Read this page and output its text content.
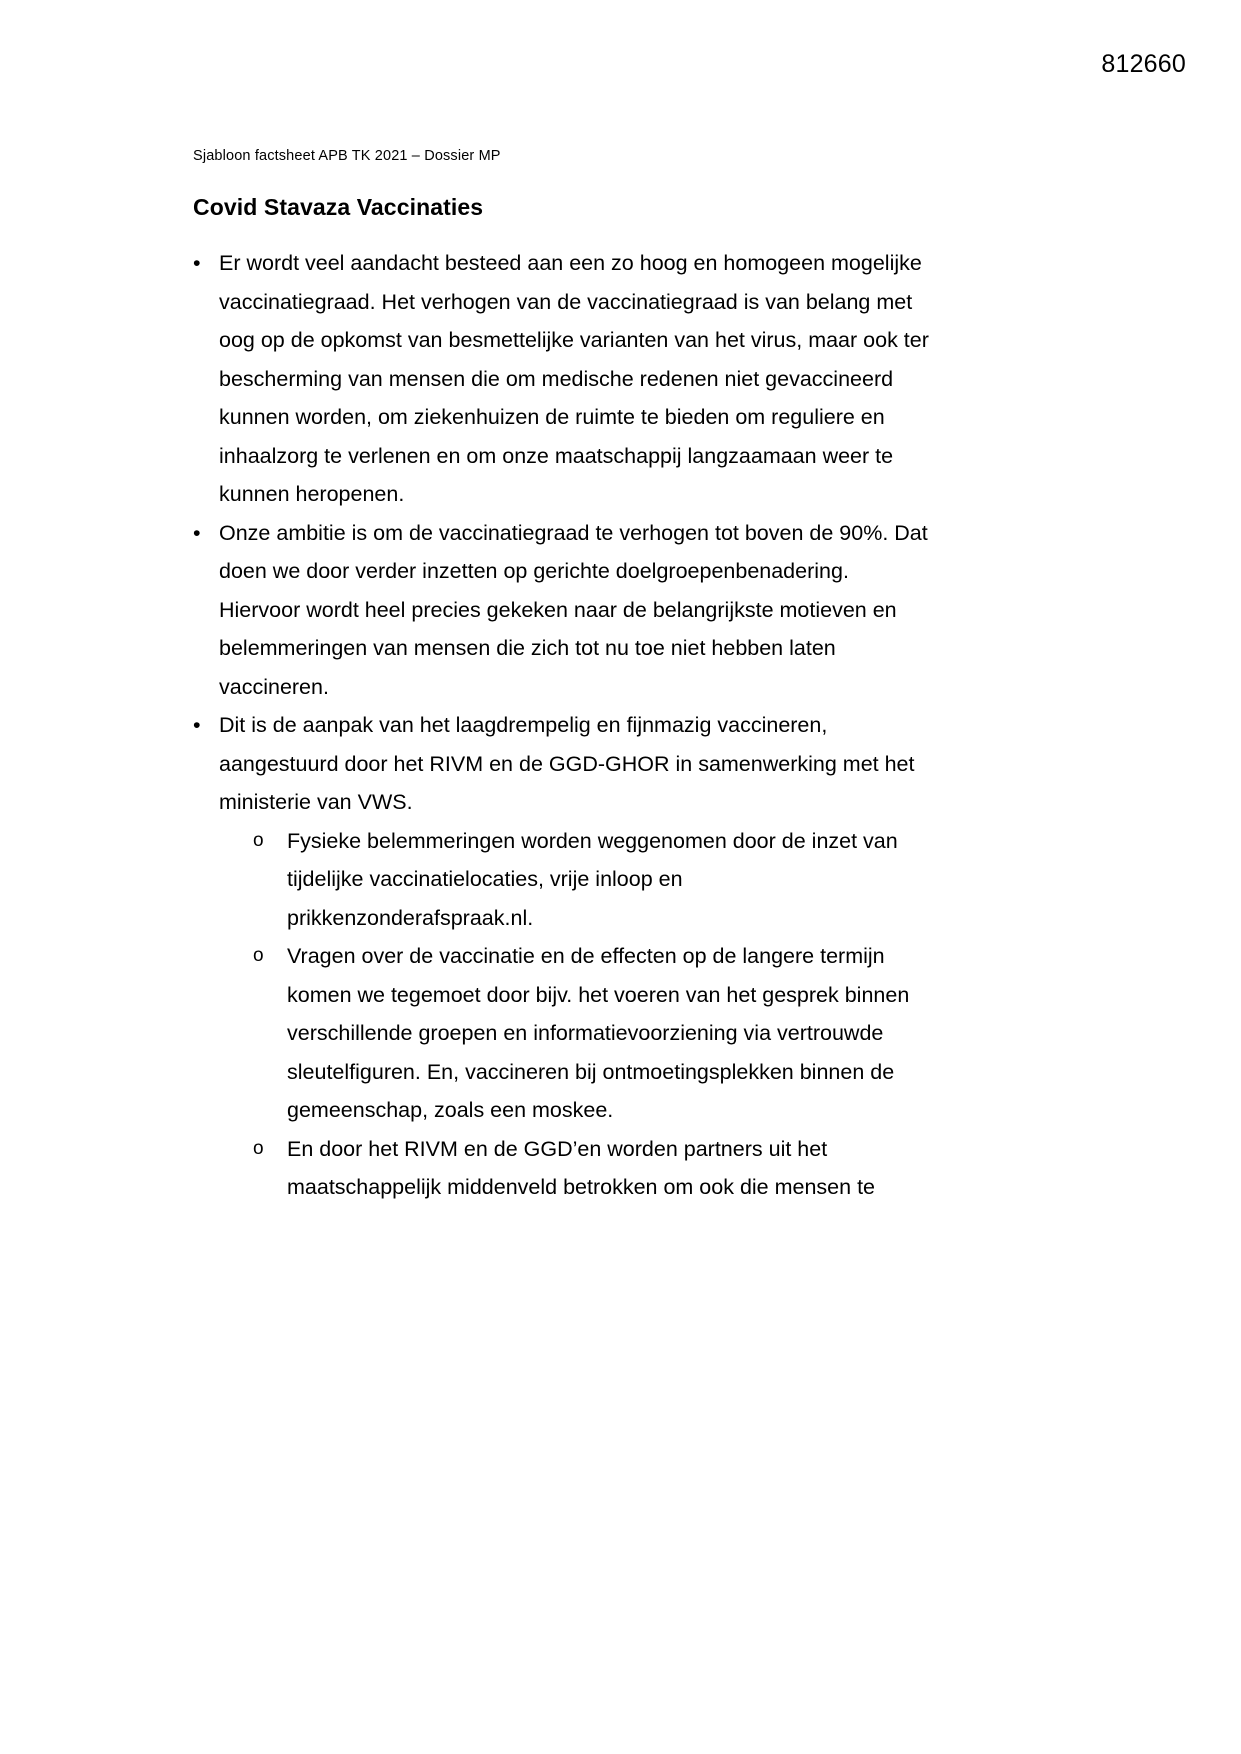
812660
Sjabloon factsheet APB TK 2021 – Dossier MP
Covid Stavaza Vaccinaties
• Er wordt veel aandacht besteed aan een zo hoog en homogeen mogelijke vaccinatiegraad. Het verhogen van de vaccinatiegraad is van belang met oog op de opkomst van besmettelijke varianten van het virus, maar ook ter bescherming van mensen die om medische redenen niet gevaccineerd kunnen worden, om ziekenhuizen de ruimte te bieden om reguliere en inhaalzorg te verlenen en om onze maatschappij langzaamaan weer te kunnen heropenen.
• Onze ambitie is om de vaccinatiegraad te verhogen tot boven de 90%. Dat doen we door verder inzetten op gerichte doelgroepenbenadering. Hiervoor wordt heel precies gekeken naar de belangrijkste motieven en belemmeringen van mensen die zich tot nu toe niet hebben laten vaccineren.
• Dit is de aanpak van het laagdrempelig en fijnmazig vaccineren, aangestuurd door het RIVM en de GGD-GHOR in samenwerking met het ministerie van VWS.
o Fysieke belemmeringen worden weggenomen door de inzet van tijdelijke vaccinatielocaties, vrije inloop en prikkenzonderafspraak.nl.
o Vragen over de vaccinatie en de effecten op de langere termijn komen we tegemoet door bijv. het voeren van het gesprek binnen verschillende groepen en informatievoorziening via vertrouwde sleutelfiguren. En, vaccineren bij ontmoetingsplekken binnen de gemeenschap, zoals een moskee.
o En door het RIVM en de GGD’en worden partners uit het maatschappelijk middenveld betrokken om ook die mensen te
